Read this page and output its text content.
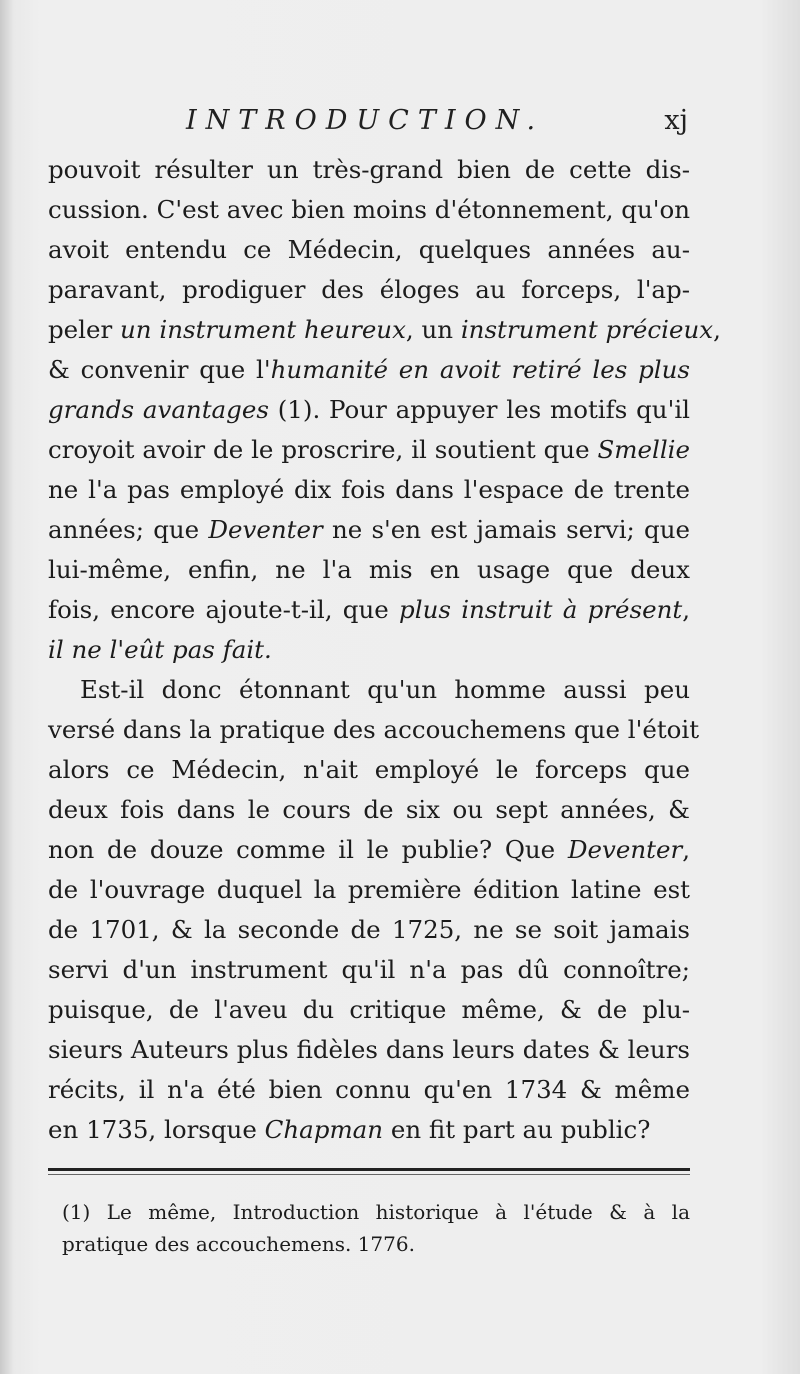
INTRODUCTION.	xj
pouvoit résulter un très-grand bien de cette dis-
cussion. C'est avec bien moins d'étonnement, qu'on
avoit entendu ce Médecin, quelques années au-
paravant, prodiguer des éloges au forceps, l'ap-
peler un instrument heureux, un instrument précieux,
& convenir que l'humanité en avoit retiré les plus
grands avantages (1). Pour appuyer les motifs qu'il
croyoit avoir de le proscrire, il soutient que Smellie
ne l'a pas employé dix fois dans l'espace de trente
années; que Deventer ne s'en est jamais servi; que
lui-même, enfin, ne l'a mis en usage que deux
fois, encore ajoute-t-il, que plus instruit à présent,
il ne l'eût pas fait.
Est-il donc étonnant qu'un homme aussi peu
versé dans la pratique des accouchemens que l'étoit
alors ce Médecin, n'ait employé le forceps que
deux fois dans le cours de six ou sept années, &
non de douze comme il le publie? Que Deventer,
de l'ouvrage duquel la première édition latine est
de 1701, & la seconde de 1725, ne se soit jamais
servi d'un instrument qu'il n'a pas dû connoître;
puisque, de l'aveu du critique même, & de plu-
sieurs Auteurs plus fidèles dans leurs dates & leurs
récits, il n'a été bien connu qu'en 1734 & même
en 1735, lorsque Chapman en fit part au public?
(1) Le même, Introduction historique à l'étude & à la
pratique des accouchemens. 1776.
